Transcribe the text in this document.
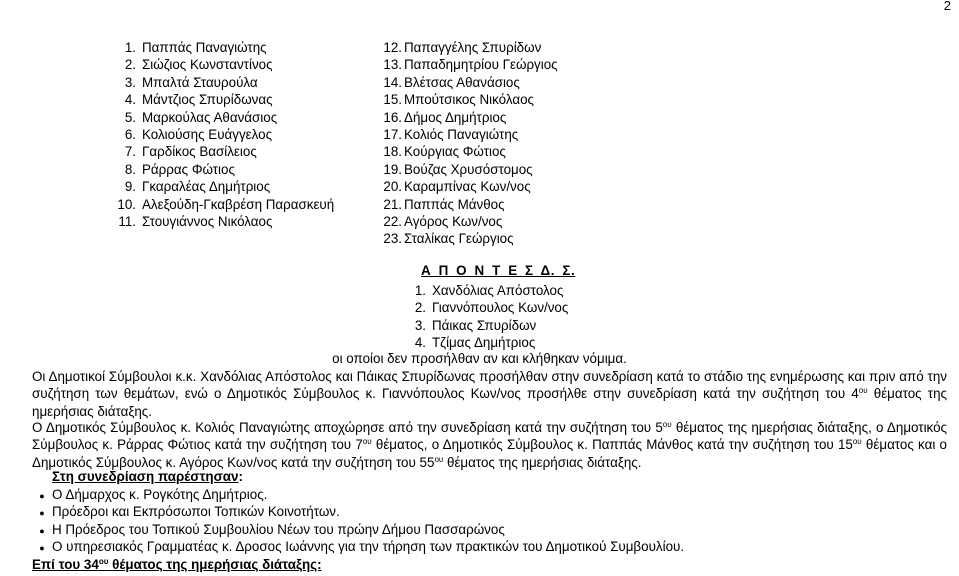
2
1. Παππάς Παναγιώτης
2. Σιώζιος Κωνσταντίνος
3. Μπαλτά Σταυρούλα
4. Μάντζιος Σπυρίδωνας
5. Μαρκούλας Αθανάσιος
6. Κολιούσης Ευάγγελος
7. Γαρδίκος Βασίλειος
8. Ράρρας Φώτιος
9. Γκαραλέας Δημήτριος
10. Αλεξούδη-Γκαβρέση Παρασκευή
11. Στουγιάννος Νικόλαος
12. Παπαγγέλης Σπυρίδων
13. Παπαδημητρίου Γεώργιος
14. Βλέτσας Αθανάσιος
15. Μπούτσικος Νικόλαος
16. Δήμος Δημήτριος
17. Κολιός Παναγιώτης
18. Κούργιας Φώτιος
19. Βούζας Χρυσόστομος
20. Καραμπίνας Κων/νος
21. Παππάς Μάνθος
22. Αγόρος Κων/νος
23. Σταλίκας Γεώργιος
Α Π Ο Ν Τ Ε Σ Δ. Σ.
1. Χανδόλιας Απόστολος
2. Γιαννόπουλος Κων/νος
3. Πάικας Σπυρίδων
4. Τζίμας Δημήτριος
οι οποίοι δεν προσήλθαν αν και κλήθηκαν νόμιμα.
Οι Δημοτικοί Σύμβουλοι κ.κ. Χανδόλιας Απόστολος και Πάικας Σπυρίδωνας προσήλθαν στην συνεδρίαση κατά το στάδιο της ενημέρωσης και πριν από την συζήτηση των θεμάτων, ενώ ο Δημοτικός Σύμβουλος κ. Γιαννόπουλος Κων/νος προσήλθε στην συνεδρίαση κατά την συζήτηση του $4^{o\upsilon}$ θέματος της ημερήσιας διάταξης.
Ο Δημοτικός Σύμβουλος κ. Κολιός Παναγιώτης αποχώρησε από την συνεδρίαση κατά την συζήτηση του $5^{o\upsilon}$ θέματος της ημερήσιας διάταξης, ο Δημοτικός Σύμβουλος κ. Ράρρας Φώτιος κατά την συζήτηση του $7^{o\upsilon}$ θέματος, ο Δημοτικός Σύμβουλος κ. Παππάς Μάνθος κατά την συζήτηση του $15^{o\upsilon}$ θέματος και ο Δημοτικός Σύμβουλος κ. Αγόρος Κων/νος κατά την συζήτηση του $55^{o\upsilon}$ θέματος της ημερήσιας διάταξης.
Στη συνεδρίαση παρέστησαν:
● Ο Δήμαρχος κ. Ρογκότης Δημήτριος.
● Πρόεδροι και Εκπρόσωποι Τοπικών Κοινοτήτων.
● Η Πρόεδρος του Τοπικού Συμβουλίου Νέων του πρώην Δήμου Πασσαρώνος
● Ο υπηρεσιακός Γραμματέας κ. Δροσος Ιωάννης για την τήρηση των πρακτικών του Δημοτικού Συμβουλίου.
Επί του $34^{o\upsilon}$ θέματος της ημερήσιας διάταξης:
